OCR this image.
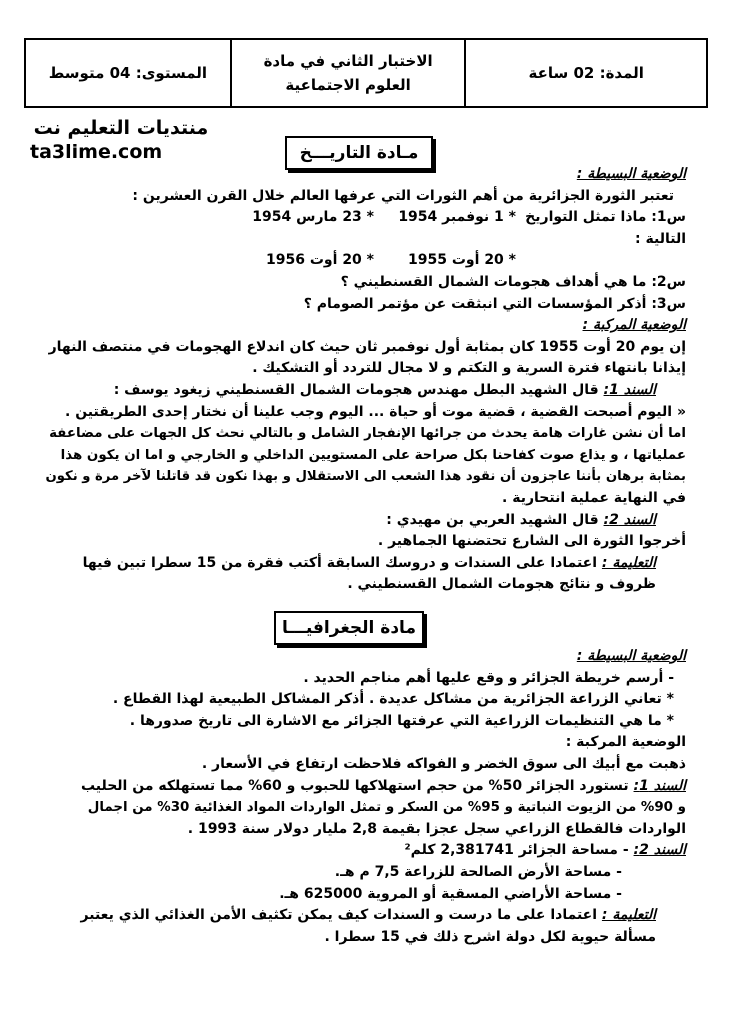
المستوى: 04 متوسط
الاختبار الثاني في مادة
العلوم الاجتماعية
المدة: 02 ساعة
منتديات التعليم نت
ta3lime.com	مـادة التاريـــخ
الوضعية البسيطة :
تعتبر الثورة الجزائرية من أهم الثورات التي عرفها العالم خلال القرن العشرين :
س1: ماذا تمثل التواريخ التالية :
* 1 نوفمبر 1954
* 23 مارس 1954
* 20 أوت 1955
* 20 أوت 1956
س2: ما هي أهداف هجومات الشمال القسنطيني ؟
س3: أذكر المؤسسات التي انبثقت عن مؤتمر الصومام ؟
الوضعية المركبة :
إن يوم 20 أوت 1955 كان بمثابة أول نوفمبر ثان حيث كان اندلاع الهجومات في منتصف النهار
إيذانا بانتهاء فترة السرية و التكتم و لا مجال للتردد أو التشكيك .
السند 1: قال الشهيد البطل مهندس هجومات الشمال القسنطيني زيغود يوسف :
« اليوم أصبحت القضية ، قضية موت أو حياة ... اليوم وجب علينا أن نختار إحدى الطريقتين .
اما أن نشن غارات هامة يحدث من جرائها الإنفجار الشامل و بالتالي نحث كل الجهات على مضاعفة
عملياتها ، و يذاع صوت كفاحنا بكل صراحة على المستويين الداخلي و الخارجي و اما ان يكون هذا
بمثابة برهان بأننا عاجزون أن نقود هذا الشعب الى الاستقلال و بهذا نكون قد قاتلنا لآخر مرة و نكون
في النهاية عملية انتحارية .
السند 2: قال الشهيد العربي بن مهيدي :
أخرجوا الثورة الى الشارع تحتضنها الجماهير .
التعليمة : اعتمادا على السندات و دروسك السابقة أكتب فقرة من 15 سطرا تبين فيها
ظروف و نتائج هجومات الشمال القسنطيني .
مادة الجغرافيـــا
الوضعية البسيطة :
- أرسم خريطة الجزائر و وقع عليها أهم مناجم الحديد .
* تعاني الزراعة الجزائرية من مشاكل عديدة . أذكر المشاكل الطبيعية لهذا القطاع .
* ما هي التنظيمات الزراعية التي عرفتها الجزائر مع الاشارة الى تاريخ صدورها .
الوضعية المركبة :
ذهبت مع أبيك الى سوق الخضر و الفواكه فلاحظت ارتفاع في الأسعار .
السند 1: تستورد الجزائر 50% من حجم استهلاكها للحبوب و 60% مما تستهلكه من الحليب
و 90% من الزيوت النباتية و 95% من السكر و تمثل الواردات المواد الغذائية 30% من اجمال
الواردات فالقطاع الزراعي سجل عجزا بقيمة 2,8 مليار دولار سنة 1993 .
السند 2: - مساحة الجزائر 2,381741 كلم²
- مساحة الأرض الصالحة للزراعة 7,5 م هـ.
- مساحة الأراضي المسقية أو المروية 625000 هـ.
التعليمة : اعتمادا على ما درست و السندات كيف يمكن تكثيف الأمن الغذائي الذي يعتبر
مسألة حيوية لكل دولة اشرح ذلك في 15 سطرا .
